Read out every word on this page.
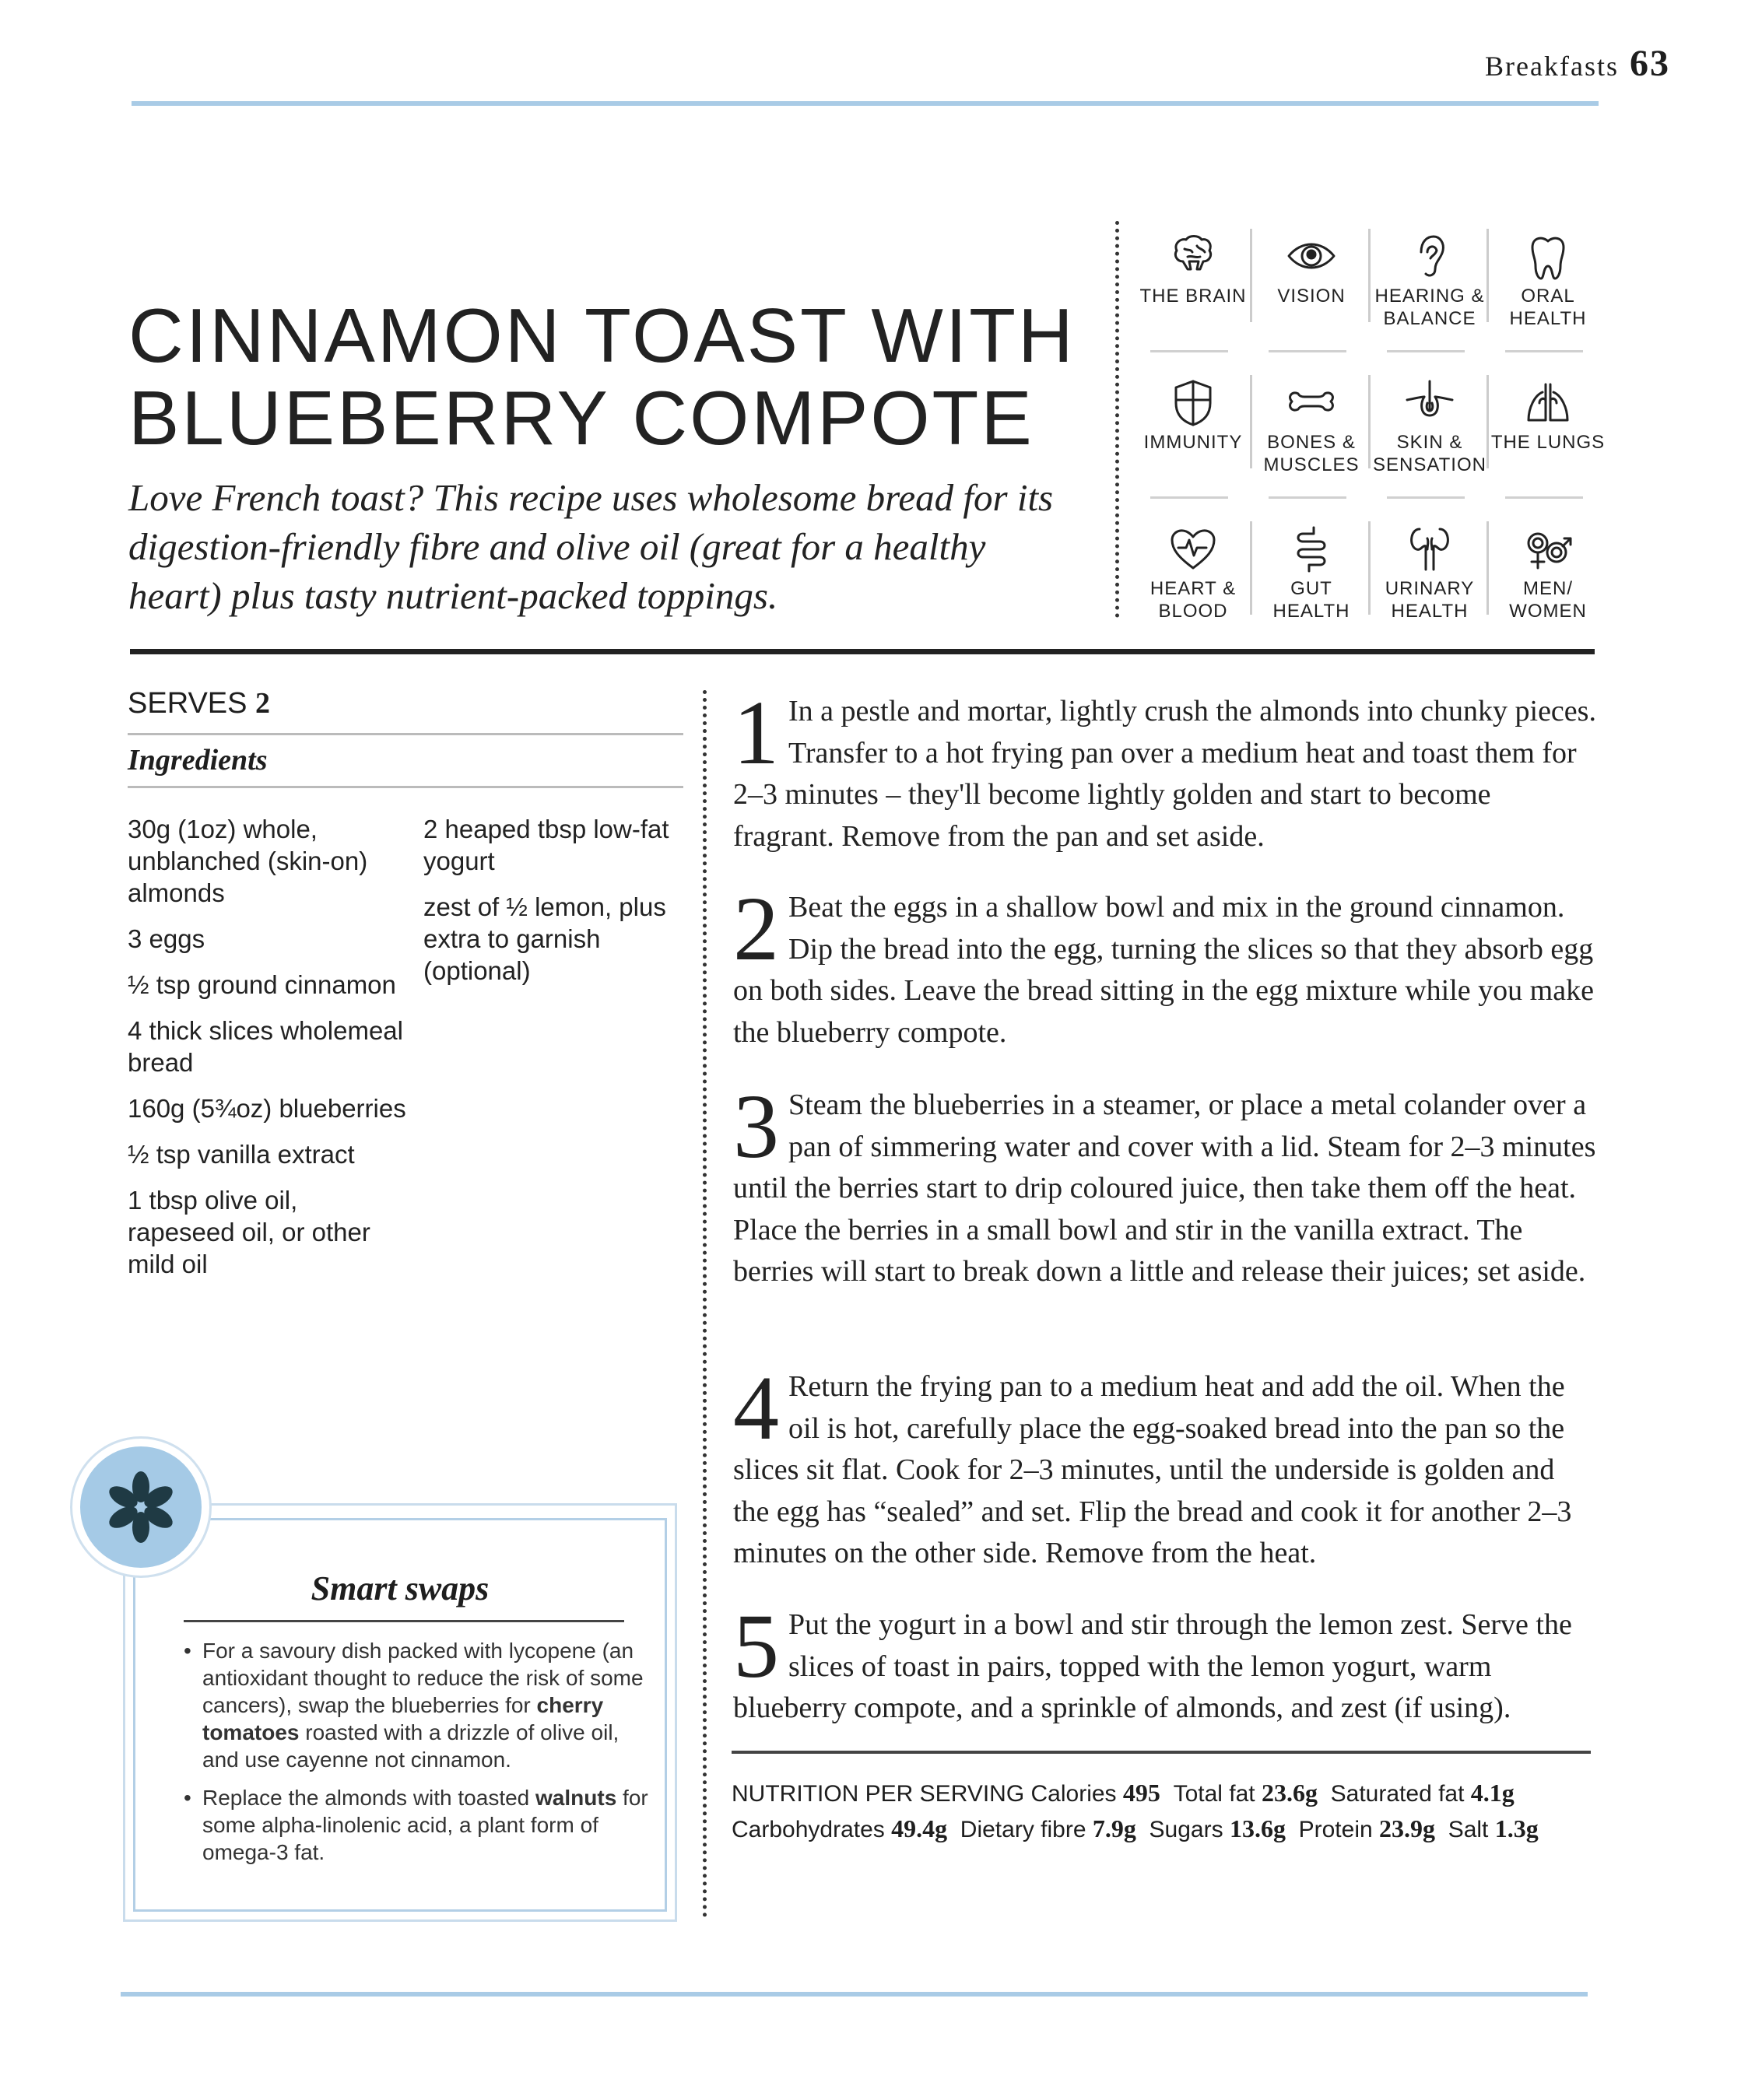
Breakfasts 63
CINNAMON TOAST WITH
BLUEBERRY COMPOTE

Love French toast? This recipe uses wholesome bread for its digestion-friendly fibre and olive oil (great for a healthy heart) plus tasty nutrient-packed toppings.

THE BRAIN	VISION	HEARING & BALANCE
ORAL HEALTH
IMMUNITY	BONES & MUSCLES
SKIN & SENSATION
THE LUNGS
HEART & BLOOD
GUT HEALTH
URINARY HEALTH
MEN/ WOMEN
SERVES 2
Ingredients

30g (1oz) whole, unblanched (skin-on) almonds

3 eggs

½ tsp ground cinnamon

4 thick slices wholemeal bread

160g (5¾oz) blueberries

½ tsp vanilla extract

1 tbsp olive oil, rapeseed oil, or other mild oil

2 heaped tbsp low-fat yogurt

zest of ½ lemon, plus extra to garnish (optional)

1 In a pestle and mortar, lightly crush the almonds into chunky pieces. Transfer to a hot frying pan over a medium heat and toast them for 2–3 minutes – they'll become lightly golden and start to become fragrant. Remove from the pan and set aside.
2 Beat the eggs in a shallow bowl and mix in the ground cinnamon. Dip the bread into the egg, turning the slices so that they absorb egg on both sides. Leave the bread sitting in the egg mixture while you make the blueberry compote.
3 Steam the blueberries in a steamer, or place a metal colander over a pan of simmering water and cover with a lid. Steam for 2–3 minutes until the berries start to drip coloured juice, then take them off the heat. Place the berries in a small bowl and stir in the vanilla extract. The berries will start to break down a little and release their juices; set aside.
4 Return the frying pan to a medium heat and add the oil. When the oil is hot, carefully place the egg-soaked bread into the pan so the slices sit flat. Cook for 2–3 minutes, until the underside is golden and the egg has “sealed” and set. Flip the bread and cook it for another 2–3 minutes on the other side. Remove from the heat.
5 Put the yogurt in a bowl and stir through the lemon zest. Serve the slices of toast in pairs, topped with the lemon yogurt, warm blueberry compote, and a sprinkle of almonds, and zest (if using).
NUTRITION PER SERVING Calories 495 Total fat 23.6g Saturated fat 4.1g
Carbohydrates 49.4g Dietary fibre 7.9g Sugars 13.6g Protein 23.9g Salt 1.3g
Smart swaps
• For a savoury dish packed with lycopene (an antioxidant thought to reduce the risk of some cancers), swap the blueberries for cherry tomatoes roasted with a drizzle of olive oil, and use cayenne not cinnamon.
• Replace the almonds with toasted walnuts for some alpha-linolenic acid, a plant form of omega-3 fat.
